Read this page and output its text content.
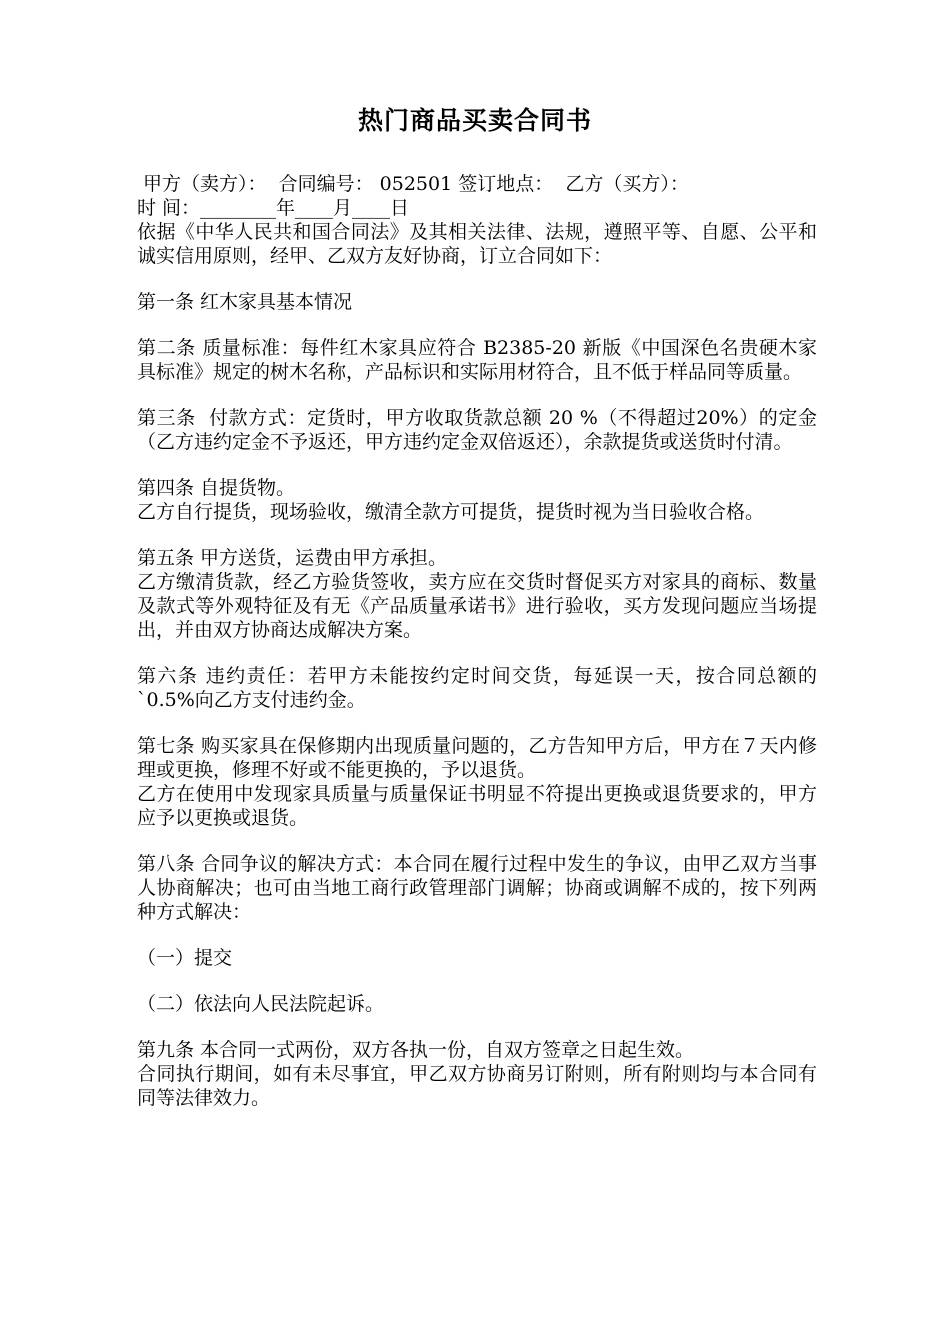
热门商品买卖合同书

甲方（卖方）：  合同编号： 052501 签订地点：  乙方（买方）：

时 间：________年____月____日

依据《中华人民共和国合同法》及其相关法律、法规，遵照平等、自愿、公平和诚实信用原则，经甲、乙双方友好协商，订立合同如下：

第一条 红木家具基本情况

第二条 质量标准：每件红木家具应符合 B2385-20 新版《中国深色名贵硬木家具标准》规定的树木名称，产品标识和实际用材符合，且不低于样品同等质量。

第三条  付款方式：定货时，甲方收取货款总额 20 %（不得超过20%）的定金（乙方违约定金不予返还，甲方违约定金双倍返还），余款提货或送货时付清。

第四条 自提货物。

乙方自行提货，现场验收，缴清全款方可提货，提货时视为当日验收合格。

第五条 甲方送货，运费由甲方承担。

乙方缴清货款，经乙方验货签收，卖方应在交货时督促买方对家具的商标、数量及款式等外观特征及有无《产品质量承诺书》进行验收，买方发现问题应当场提出，并由双方协商达成解决方案。

第六条 违约责任：若甲方未能按约定时间交货，每延误一天，按合同总额的`0.5%向乙方支付违约金。

第七条 购买家具在保修期内出现质量问题的，乙方告知甲方后，甲方在７天内修理或更换，修理不好或不能更换的，予以退货。

乙方在使用中发现家具质量与质量保证书明显不符提出更换或退货要求的，甲方应予以更换或退货。

第八条 合同争议的解决方式：本合同在履行过程中发生的争议，由甲乙双方当事人协商解决；也可由当地工商行政管理部门调解；协商或调解不成的，按下列两种方式解决：

（一）提交

（二）依法向人民法院起诉。

第九条 本合同一式两份，双方各执一份，自双方签章之日起生效。

合同执行期间，如有未尽事宜，甲乙双方协商另订附则，所有附则均与本合同有同等法律效力。
